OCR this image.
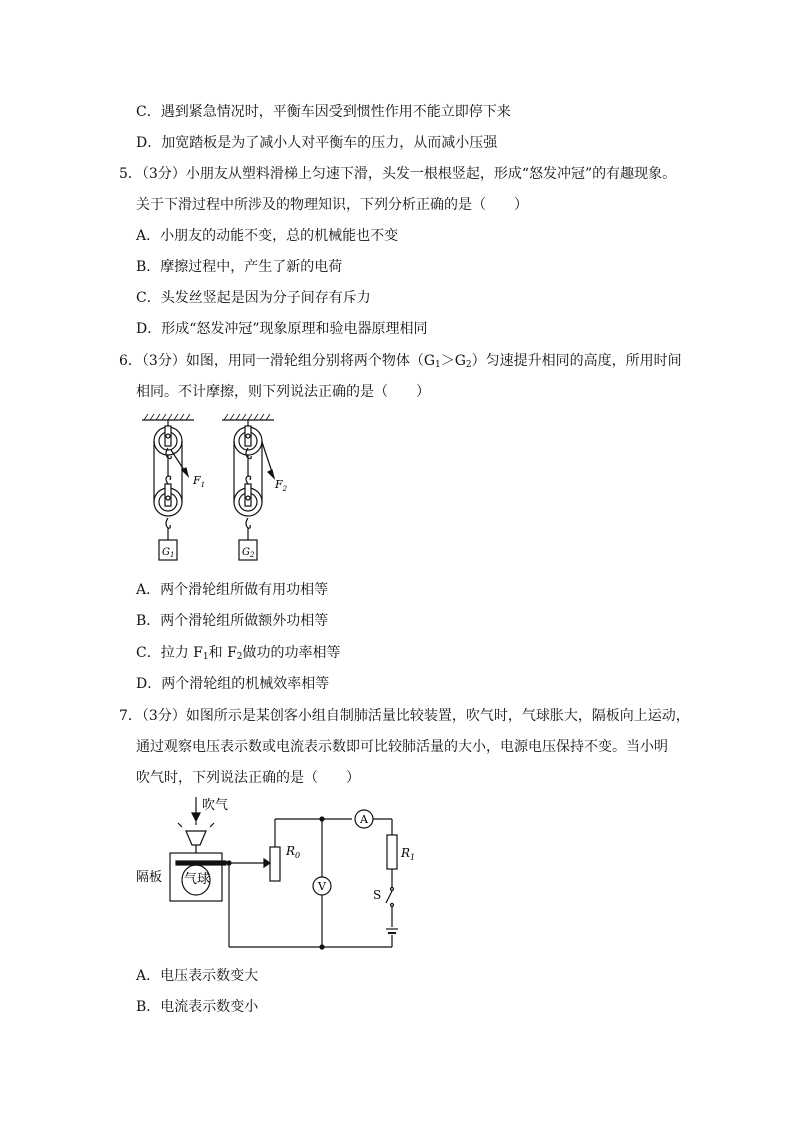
C．遇到紧急情况时，平衡车因受到惯性作用不能立即停下来
D．加宽踏板是为了减小人对平衡车的压力，从而减小压强
5．（3分）小朋友从塑料滑梯上匀速下滑，头发一根根竖起，形成“怒发冲冠”的有趣现象。
关于下滑过程中所涉及的物理知识，下列分析正确的是（　　）
A．小朋友的动能不变，总的机械能也不变
B．摩擦过程中，产生了新的电荷
C．头发丝竖起是因为分子间存有斥力
D．形成“怒发冲冠”现象原理和验电器原理相同
6．（3分）如图，用同一滑轮组分别将两个物体$(G_1>G_2)$匀速提升相同的高度，所用时间
相同。不计摩擦，则下列说法正确的是（　　）
$F_1$	$F_2$
$G_1$	$G_2$
A．两个滑轮组所做有用功相等
B．两个滑轮组所做额外功相等
C．拉力 $F_1$和 $F_2$做功的功率相等
D．两个滑轮组的机械效率相等
7．（3分）如图所示是某创客小组自制肺活量比较装置，吹气时，气球胀大，隔板向上运动，
通过观察电压表示数或电流表示数即可比较肺活量的大小，电源电压保持不变。当小明
吹气时，下列说法正确的是（　　）
吹气
隔板 气球
$R_0$	$R_1$
A
V
S
A．电压表示数变大
B．电流表示数变小
